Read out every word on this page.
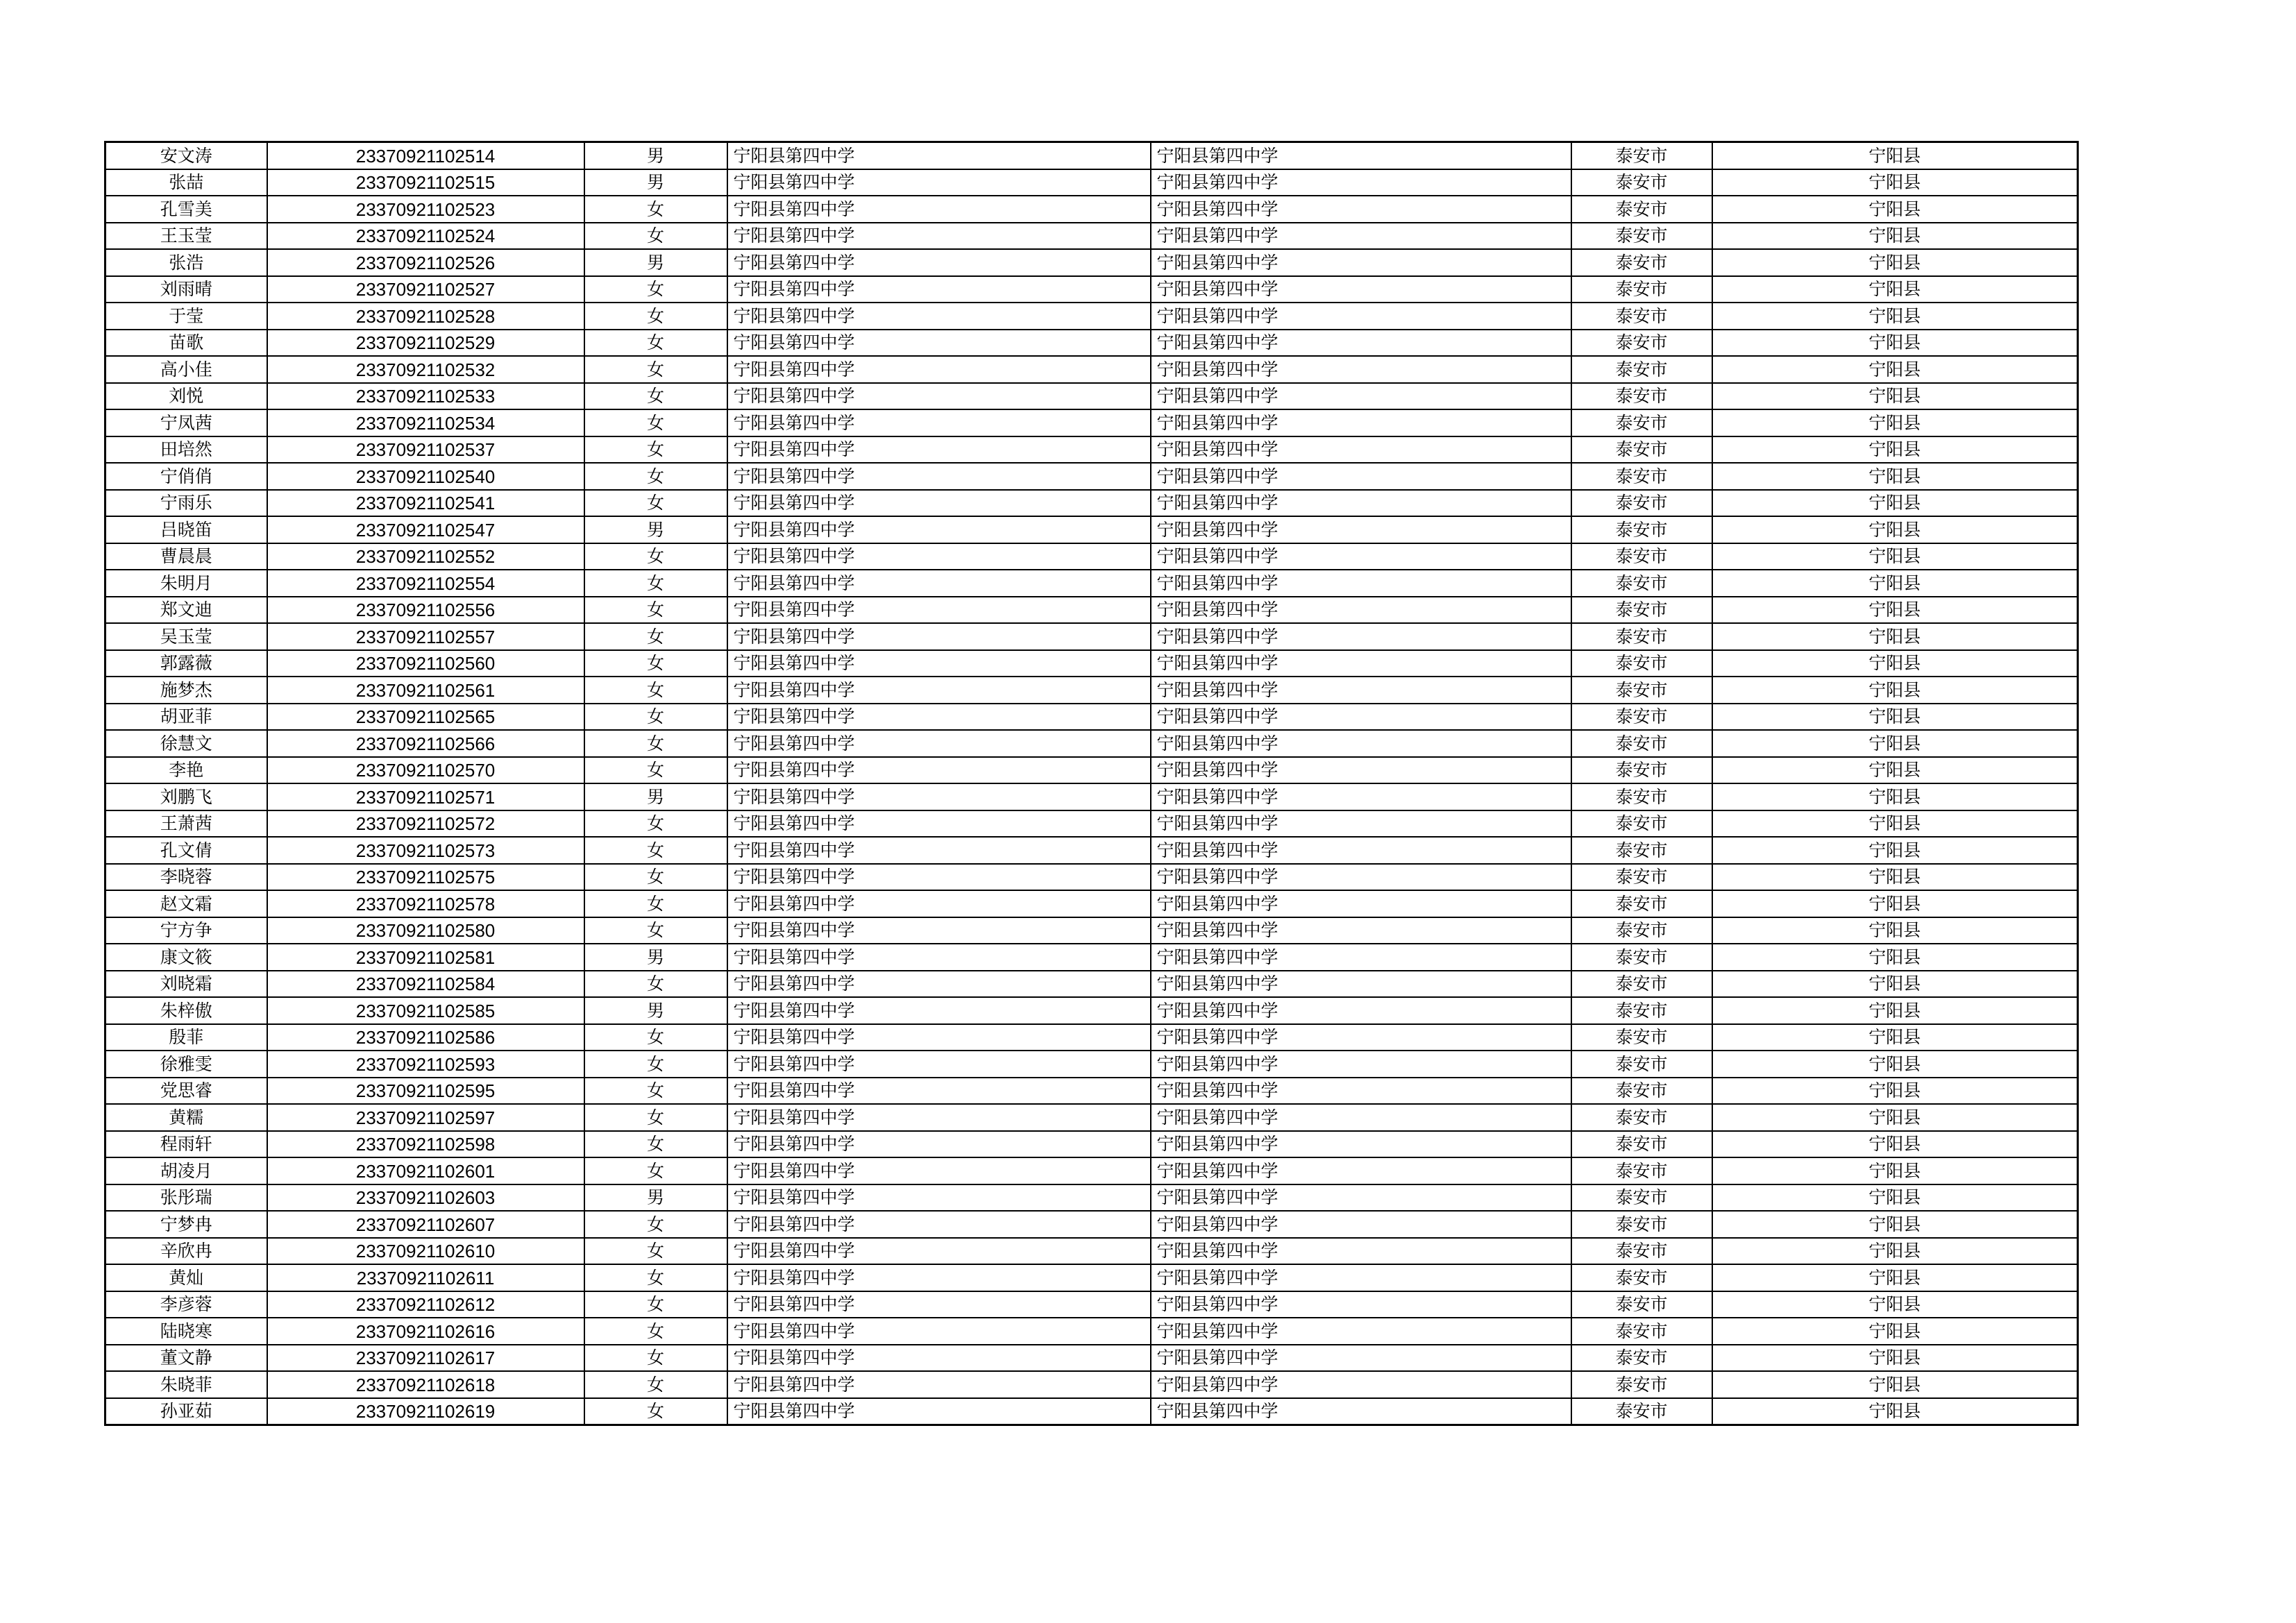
安文涛	23370921102514	男	宁阳县第四中学	宁阳县第四中学	泰安市	宁阳县
张喆	23370921102515	男	宁阳县第四中学	宁阳县第四中学	泰安市	宁阳县
孔雪美	23370921102523	女	宁阳县第四中学	宁阳县第四中学	泰安市	宁阳县
王玉莹	23370921102524	女	宁阳县第四中学	宁阳县第四中学	泰安市	宁阳县
张浩	23370921102526	男	宁阳县第四中学	宁阳县第四中学	泰安市	宁阳县
刘雨晴	23370921102527	女	宁阳县第四中学	宁阳县第四中学	泰安市	宁阳县
于莹	23370921102528	女	宁阳县第四中学	宁阳县第四中学	泰安市	宁阳县
苗歌	23370921102529	女	宁阳县第四中学	宁阳县第四中学	泰安市	宁阳县
高小佳	23370921102532	女	宁阳县第四中学	宁阳县第四中学	泰安市	宁阳县
刘悦	23370921102533	女	宁阳县第四中学	宁阳县第四中学	泰安市	宁阳县
宁凤茜	23370921102534	女	宁阳县第四中学	宁阳县第四中学	泰安市	宁阳县
田培然	23370921102537	女	宁阳县第四中学	宁阳县第四中学	泰安市	宁阳县
宁俏俏	23370921102540	女	宁阳县第四中学	宁阳县第四中学	泰安市	宁阳县
宁雨乐	23370921102541	女	宁阳县第四中学	宁阳县第四中学	泰安市	宁阳县
吕晓笛	23370921102547	男	宁阳县第四中学	宁阳县第四中学	泰安市	宁阳县
曹晨晨	23370921102552	女	宁阳县第四中学	宁阳县第四中学	泰安市	宁阳县
朱明月	23370921102554	女	宁阳县第四中学	宁阳县第四中学	泰安市	宁阳县
郑文迪	23370921102556	女	宁阳县第四中学	宁阳县第四中学	泰安市	宁阳县
吴玉莹	23370921102557	女	宁阳县第四中学	宁阳县第四中学	泰安市	宁阳县
郭露薇	23370921102560	女	宁阳县第四中学	宁阳县第四中学	泰安市	宁阳县
施梦杰	23370921102561	女	宁阳县第四中学	宁阳县第四中学	泰安市	宁阳县
胡亚菲	23370921102565	女	宁阳县第四中学	宁阳县第四中学	泰安市	宁阳县
徐慧文	23370921102566	女	宁阳县第四中学	宁阳县第四中学	泰安市	宁阳县
李艳	23370921102570	女	宁阳县第四中学	宁阳县第四中学	泰安市	宁阳县
刘鹏飞	23370921102571	男	宁阳县第四中学	宁阳县第四中学	泰安市	宁阳县
王萧茜	23370921102572	女	宁阳县第四中学	宁阳县第四中学	泰安市	宁阳县
孔文倩	23370921102573	女	宁阳县第四中学	宁阳县第四中学	泰安市	宁阳县
李晓蓉	23370921102575	女	宁阳县第四中学	宁阳县第四中学	泰安市	宁阳县
赵文霜	23370921102578	女	宁阳县第四中学	宁阳县第四中学	泰安市	宁阳县
宁方争	23370921102580	女	宁阳县第四中学	宁阳县第四中学	泰安市	宁阳县
康文筱	23370921102581	男	宁阳县第四中学	宁阳县第四中学	泰安市	宁阳县
刘晓霜	23370921102584	女	宁阳县第四中学	宁阳县第四中学	泰安市	宁阳县
朱梓傲	23370921102585	男	宁阳县第四中学	宁阳县第四中学	泰安市	宁阳县
殷菲	23370921102586	女	宁阳县第四中学	宁阳县第四中学	泰安市	宁阳县
徐雅雯	23370921102593	女	宁阳县第四中学	宁阳县第四中学	泰安市	宁阳县
党思睿	23370921102595	女	宁阳县第四中学	宁阳县第四中学	泰安市	宁阳县
黄糯	23370921102597	女	宁阳县第四中学	宁阳县第四中学	泰安市	宁阳县
程雨轩	23370921102598	女	宁阳县第四中学	宁阳县第四中学	泰安市	宁阳县
胡凌月	23370921102601	女	宁阳县第四中学	宁阳县第四中学	泰安市	宁阳县
张彤瑞	23370921102603	男	宁阳县第四中学	宁阳县第四中学	泰安市	宁阳县
宁梦冉	23370921102607	女	宁阳县第四中学	宁阳县第四中学	泰安市	宁阳县
辛欣冉	23370921102610	女	宁阳县第四中学	宁阳县第四中学	泰安市	宁阳县
黄灿	23370921102611	女	宁阳县第四中学	宁阳县第四中学	泰安市	宁阳县
李彦蓉	23370921102612	女	宁阳县第四中学	宁阳县第四中学	泰安市	宁阳县
陆晓寒	23370921102616	女	宁阳县第四中学	宁阳县第四中学	泰安市	宁阳县
董文静	23370921102617	女	宁阳县第四中学	宁阳县第四中学	泰安市	宁阳县
朱晓菲	23370921102618	女	宁阳县第四中学	宁阳县第四中学	泰安市	宁阳县
孙亚茹	23370921102619	女	宁阳县第四中学	宁阳县第四中学	泰安市	宁阳县
